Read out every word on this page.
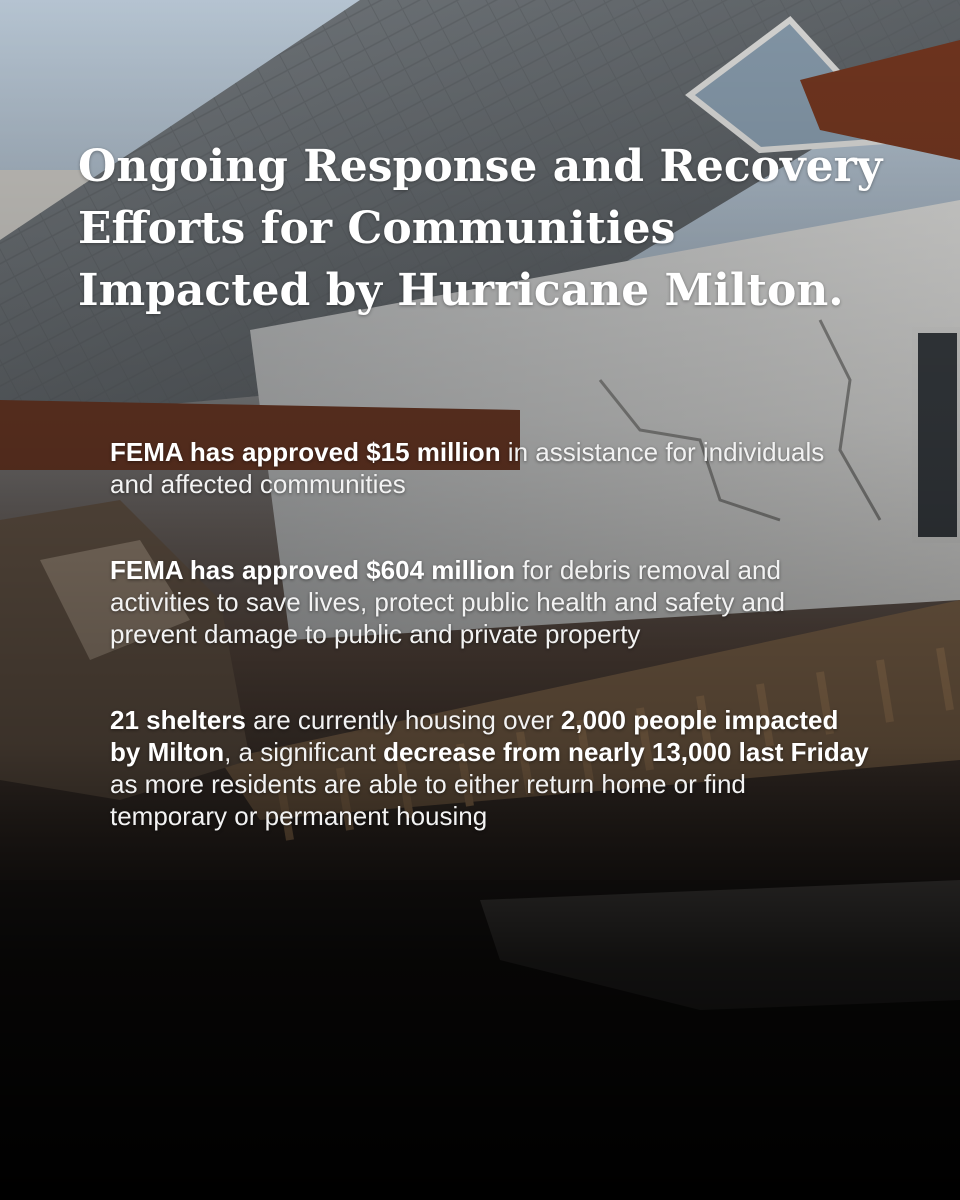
Ongoing Response and Recovery Efforts for Communities Impacted by Hurricane Milton.

FEMA has approved $15 million in assistance for individuals and affected communities

FEMA has approved $604 million for debris removal and activities to save lives, protect public health and safety and prevent damage to public and private property

21 shelters are currently housing over 2,000 people impacted by Milton, a significant decrease from nearly 13,000 last Friday as more residents are able to either return home or find temporary or permanent housing
